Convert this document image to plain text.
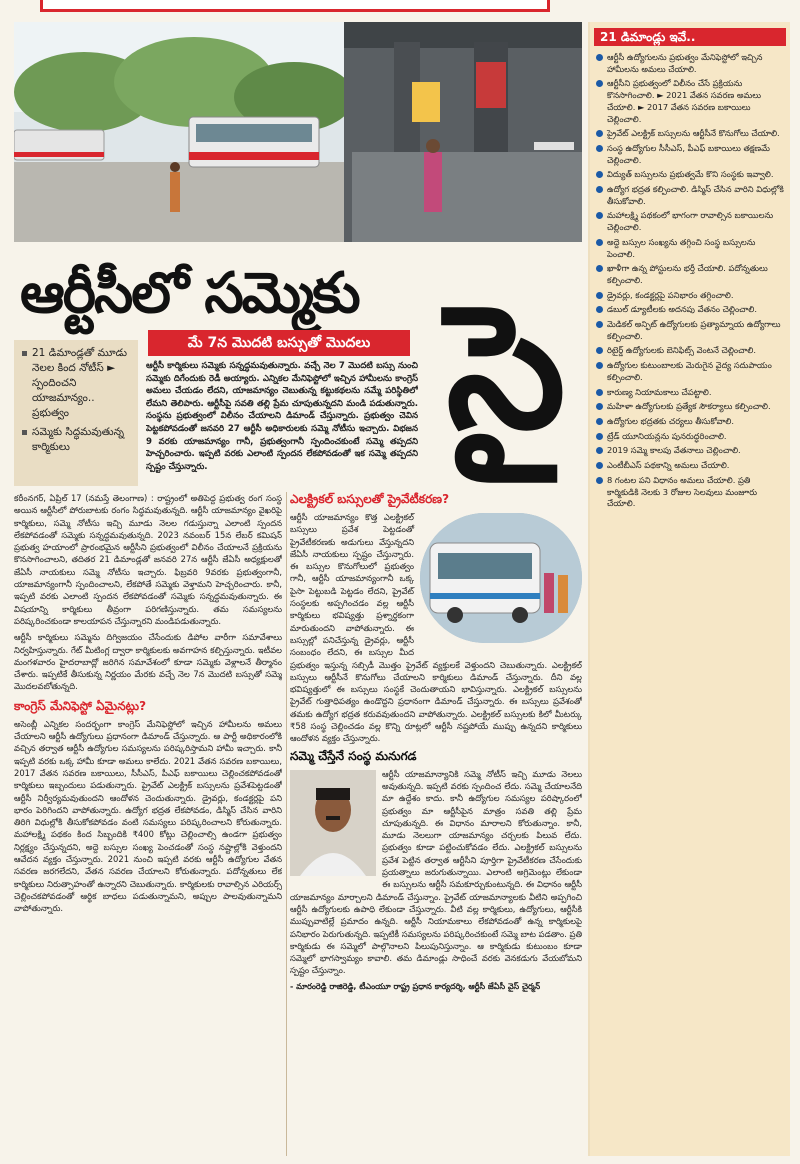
ఆర్టీసీలో సమ్మెకు సై
మే 7న మొదటి బస్సుతో మొదలు
21 డిమాండ్లతో మూడు నెలల కింద నోటీస్ ► స్పందించని యాజమాన్యం.. ప్రభుత్వం
సమ్మెకు సిద్ధమవుతున్న కార్మికులు
ఆర్టీసీ కార్మికులు సమ్మెకు సన్నద్ధమవుతున్నారు. వచ్చే నెల 7 మొదటి బస్సు నుంచి సమ్మెకు దిగేందుకు రెడీ అయ్యారు. ఎన్నికల మేనిఫెస్టోలో ఇచ్చిన హామీలను కాంగ్రెస్ అమలు చేయడం లేదని, యాజమాన్యం చెబుతున్న కట్టుకథలను నమ్మే పరిస్థితిలో లేమని తెలిపారు. ఆర్టీసీపై సవతి తల్లి ప్రేమ చూపుతున్నదని మండి పడుతున్నారు. సంస్థను ప్రభుత్వంలో విలీనం చేయాలని డిమాండ్ చేస్తున్నారు. ప్రభుత్వం చెవిన పెట్టకపోవడంతో జనవరి 27 ఆర్టీసీ అధికారులకు సమ్మె నోటీసు ఇచ్చారు. విభజన 9 వరకు యాజమాన్యం గానీ, ప్రభుత్వంగానీ స్పందించకుంటే సమ్మె తప్పదని హెచ్చరించారు. ఇప్పటి వరకు ఎలాంటి స్పందన లేకపోవడంతో ఇక సమ్మె తప్పదని స్పష్టం చేస్తున్నారు.

కరీంనగర్, ఏప్రిల్ 17 (నమస్తే తెలంగాణ) : రాష్ట్రంలో అతిపెద్ద ప్రభుత్వ రంగ సంస్థ అయిన ఆర్టీసీలో పోరుబాటకు రంగం సిద్ధమవుతున్నది. ఆర్టీసీ యాజమాన్యం వైఖరిపై కార్మికులు, సమ్మె నోటీసు ఇచ్చి మూడు నెలల గడుస్తున్నా ఎలాంటి స్పందన లేకపోవడంతో సమ్మెకు సన్నద్ధమవుతున్నది. 2023 నవంబర్ 15న లేబర్ కమిషన్ ప్రభుత్వ హయాంలో ప్రారంభమైన ఆర్టీసీని ప్రభుత్వంలో విలీనం చేయాలనే ప్రక్రియను కొనసాగించాలని, తదితర 21 డిమాండ్లతో జనవరి 27న ఆర్టీసీ జేఏసీ అధ్యక్షులతో జేఏసీ నాయకులు సమ్మె నోటీసు ఇచ్చారు. ఫిబ్రవరి 9వరకు ప్రభుత్వంగానీ, యాజమాన్యంగానీ స్పందించాలని, లేకపోతే సమ్మెకు వెళ్తామని హెచ్చరించారు. కానీ, ఇప్పటి వరకు ఎలాంటి స్పందన లేకపోవడంతో సమ్మెకు సన్నద్ధమవుతున్నారు. ఈ విషయాన్ని కార్మికులు తీవ్రంగా పరిగణిస్తున్నారు. తమ సమస్యలను పరిష్కరించకుండా కాలయాపన చేస్తున్నారని మండిపడుతున్నారు.

ఆర్టీసీ కార్మికులు సమ్మెను దిగ్విజయం చేసేందుకు డిపోల వారీగా సమావేశాలు నిర్వహిస్తున్నారు. గేట్ మీటింగ్ల ద్వారా కార్మికులకు అవగాహన కల్పిస్తున్నారు. ఇటీవల మంగళవారం హైదరాబాద్లో జరిగిన సమావేశంలో కూడా సమ్మెకు వెళ్లాలనే తీర్మానం చేశారు. ఇప్పటికే తీసుకున్న నిర్ణయం మేరకు వచ్చే నెల 7న మొదటి బస్సుతో సమ్మె మొదలవబోతున్నది.

కాంగ్రెస్ మేనిఫెస్టో ఏమైనట్లు?

అసెంబ్లీ ఎన్నికల సందర్భంగా కాంగ్రెస్ మేనిఫెస్టోలో ఇచ్చిన హామీలను అమలు చేయాలని ఆర్టీసీ ఉద్యోగులు ప్రధానంగా డిమాండ్ చేస్తున్నారు. ఆ పార్టీ అధికారంలోకి వచ్చిన తర్వాత ఆర్టీసీ ఉద్యోగుల సమస్యలను పరిష్కరిస్తామని హామీ ఇచ్చారు. కానీ ఇప్పటి వరకు ఒక్క హామీ కూడా అమలు కాలేదు. 2021 వేతన సవరణ బకాయిలు, 2017 వేతన సవరణ బకాయిలు, సీసీఎస్, పీఎఫ్ బకాయిలు చెల్లించకపోవడంతో కార్మికులు ఇబ్బందులు పడుతున్నారు. ప్రైవేట్ ఎలక్ట్రిక్ బస్సులను ప్రవేశపెట్టడంతో ఆర్టీసీ నిర్వీర్యమవుతుందని ఆందోళన చెందుతున్నారు. డ్రైవర్లు, కండక్టర్లపై పని భారం పెరిగిందని వాపోతున్నారు. ఉద్యోగ భద్రత లేకపోవడం, డిస్మిస్ చేసిన వారిని తిరిగి విధుల్లోకి తీసుకోకపోవడం వంటి సమస్యలు పరిష్కరించాలని కోరుతున్నారు. మహాలక్ష్మి పథకం కింద సిబ్బందికి ₹400 కోట్లు చెల్లించాల్సి ఉండగా ప్రభుత్వం నిర్లక్ష్యం చేస్తున్నదని, అద్దె బస్సుల సంఖ్య పెంచడంతో సంస్థ నష్టాల్లోకి వెళ్తుందని ఆవేదన వ్యక్తం చేస్తున్నారు. 2021 నుంచి ఇప్పటి వరకు ఆర్టీసీ ఉద్యోగుల వేతన సవరణ జరగలేదని, వేతన సవరణ చేయాలని కోరుతున్నారు. పదోన్నతులు లేక కార్మికులు నిరుత్సాహంతో ఉన్నారని చెబుతున్నారు. కార్మికులకు రావాల్సిన ఎరియర్స్ చెల్లించకపోవడంతో ఆర్థిక బాధలు పడుతున్నామని, అప్పుల పాలవుతున్నామని వాపోతున్నారు.

ఎలక్ట్రికల్ బస్సులతో ప్రైవేటీకరణ?

ఆర్టీసీ యాజమాన్యం కొత్త ఎలక్ట్రికల్ బస్సులు ప్రవేశ పెట్టడంతో ప్రైవేటీకరణకు అడుగులు వేస్తున్నదని జేఏసీ నాయకులు స్పష్టం చేస్తున్నారు. ఈ బస్సుల కొనుగోలులో ప్రభుత్వం గానీ, ఆర్టీసీ యాజమాన్యంగానీ ఒక్క పైసా పెట్టుబడి పెట్టడం లేదని, ప్రైవేట్ సంస్థలకు అప్పగించడం వల్ల ఆర్టీసీ కార్మికులు భవిష్యత్తు ప్రశ్నార్థకంగా మారుతుందని వాపోతున్నారు. ఈ బస్సుల్లో పనిచేస్తున్న డ్రైవర్లు, ఆర్టీసీ సంబంధం లేదని, ఈ బస్సుల మీద ప్రభుత్వం ఇస్తున్న సబ్సిడీ మొత్తం ప్రైవేట్ వ్యక్తులకే వెళ్తుందని చెబుతున్నారు. ఎలక్ట్రికల్ బస్సులు ఆర్టీసీనే కొనుగోలు చేయాలని కార్మికులు డిమాండ్ చేస్తున్నారు. దీని వల్ల భవిష్యత్తులో ఈ బస్సులు సంస్థకే చెందుతాయని భావిస్తున్నారు. ఎలక్ట్రికల్ బస్సులను ప్రైవేట్ గుత్తాధిపత్యం ఉండొద్దని ప్రధానంగా డిమాండ్ చేస్తున్నారు. ఈ బస్సులు ప్రవేశంతో తమకు ఉద్యోగ భద్రత కరువవుతుందని వాపోతున్నారు. ఎలక్ట్రికల్ బస్సులకు కిలో మీటర్కు ₹58 సంస్థ చెల్లించడం వల్ల కొన్ని రూట్లలో ఆర్టీసీ నష్టపోయే ముప్పు ఉన్నదని కార్మికులు ఆందోళన వ్యక్తం చేస్తున్నారు.

సమ్మె చేస్తేనే సంస్థ మనుగడ

ఆర్టీసీ యాజమాన్యానికి సమ్మె నోటీస్ ఇచ్చి మూడు నెలలు అవుతున్నది. ఇప్పటి వరకు స్పందించ లేదు. సమ్మె చేయాలనేది మా ఉద్దేశం కాదు. కానీ ఉద్యోగుల సమస్యల పరిష్కారంలో ప్రభుత్వం మా ఆర్టీసీపైన మాత్రం సవతి తల్లి ప్రేమ చూపుతున్నది. ఈ విధానం మారాలని కోరుతున్నాం. కానీ, మూడు నెలలుగా యాజమాన్యం చర్చలకు పిలువ లేదు. ప్రభుత్వం కూడా పట్టించుకోవడం లేదు. ఎలక్ట్రికల్ బస్సులను ప్రవేశ పెట్టిన తర్వాత ఆర్టీసీని పూర్తిగా ప్రైవేటీకరణ చేసేందుకు ప్రయత్నాలు జరుగుతున్నాయి. ఎలాంటి అగ్రిమెంట్లు లేకుండా ఈ బస్సులను ఆర్టీసీ సమకూర్చుకుంటున్నది. ఈ విధానం ఆర్టీసీ యాజమాన్యం మార్చాలని డిమాండ్ చేస్తున్నాం. ప్రైవేట్ యాజమాన్యాలకు వీటిని అప్పగించి ఆర్టీసీ ఉద్యోగులకు ఉపాధి లేకుండా చేస్తున్నారు. వీటి వల్ల కార్మికులు, ఉద్యోగులు, ఆర్టీసీకి ముప్పువాటిల్లే ప్రమాదం ఉన్నది. ఆర్టీసీ నియామకాలు లేకపోవడంతో ఉన్న కార్మికులపై పనిభారం పెరుగుతున్నది. ఇప్పటికీ సమస్యలను పరిష్కరించకుంటే సమ్మె బాట పడతాం. ప్రతి కార్మికుడు ఈ సమ్మెలో పాల్గొనాలని పిలుపునిస్తున్నాం. ఆ కార్మికుడు కుటుంబం కూడా సమ్మెలో భాగస్వామ్యం కావాలి. తమ డిమాండ్లు సాధించే వరకు వెనకడుగు వేయబోమని స్పష్టం చేస్తున్నాం.

- మారంరెడ్డి రాజిరెడ్డి, టీఎంయూ రాష్ట్ర ప్రధాన కార్యదర్శి, ఆర్టీసీ జేఏసీ వైస్ చైర్మన్
21 డిమాండ్లు ఇవే..
ఆర్టీసీ ఉద్యోగులను ప్రభుత్వం మేనిఫెస్టోలో ఇచ్చిన హామీలను అమలు చేయాలి.
ఆర్టీసీని ప్రభుత్వంలో విలీనం చేసే ప్రక్రియను కొనసాగించాలి. ► 2021 వేతన సవరణ అమలు చేయాలి. ► 2017 వేతన సవరణ బకాయిలు చెల్లించాలి.
ప్రైవేట్ ఎలక్ట్రిక్ బస్సులను ఆర్టీసీనే కొనుగోలు చేయాలి.
సంస్థ ఉద్యోగుల సీసీఎస్, పీఎఫ్ బకాయిలు తక్షణమే చెల్లించాలి.
విద్యుత్ బస్సులను ప్రభుత్వమే కొని సంస్థకు ఇవ్వాలి.
ఉద్యోగ భద్రత కల్పించాలి. డిస్మిస్ చేసిన వారిని విధుల్లోకి తీసుకోవాలి.
మహాలక్ష్మి పథకంలో భాగంగా రావాల్సిన బకాయిలను చెల్లించాలి.
అద్దె బస్సుల సంఖ్యను తగ్గించి సంస్థ బస్సులను పెంచాలి.
ఖాళీగా ఉన్న పోస్టులను భర్తీ చేయాలి. పదోన్నతులు కల్పించాలి.
డ్రైవర్లు, కండక్టర్లపై పనిభారం తగ్గించాలి.
డబుల్ డ్యూటీలకు అదనపు వేతనం చెల్లించాలి.
మెడికల్ అన్ఫిట్ ఉద్యోగులకు ప్రత్యామ్నాయ ఉద్యోగాలు కల్పించాలి.
రిటైర్డ్ ఉద్యోగులకు బెనిఫిట్స్ వెంటనే చెల్లించాలి.
ఉద్యోగుల కుటుంబాలకు మెరుగైన వైద్య సదుపాయం కల్పించాలి.
కారుణ్య నియామకాలు చేపట్టాలి.
మహిళా ఉద్యోగులకు ప్రత్యేక సౌకర్యాలు కల్పించాలి.
ఉద్యోగుల భద్రతకు చర్యలు తీసుకోవాలి.
ట్రేడ్ యూనియన్లను పునరుద్ధరించాలి.
2019 సమ్మె కాలపు వేతనాలు చెల్లించాలి.
ఎంటీబీఎస్ పథకాన్ని అమలు చేయాలి.
8 గంటల పని విధానం అమలు చేయాలి. ప్రతి కార్మికుడికి నెలకు 3 రోజుల సెలవులు మంజూరు చేయాలి.
